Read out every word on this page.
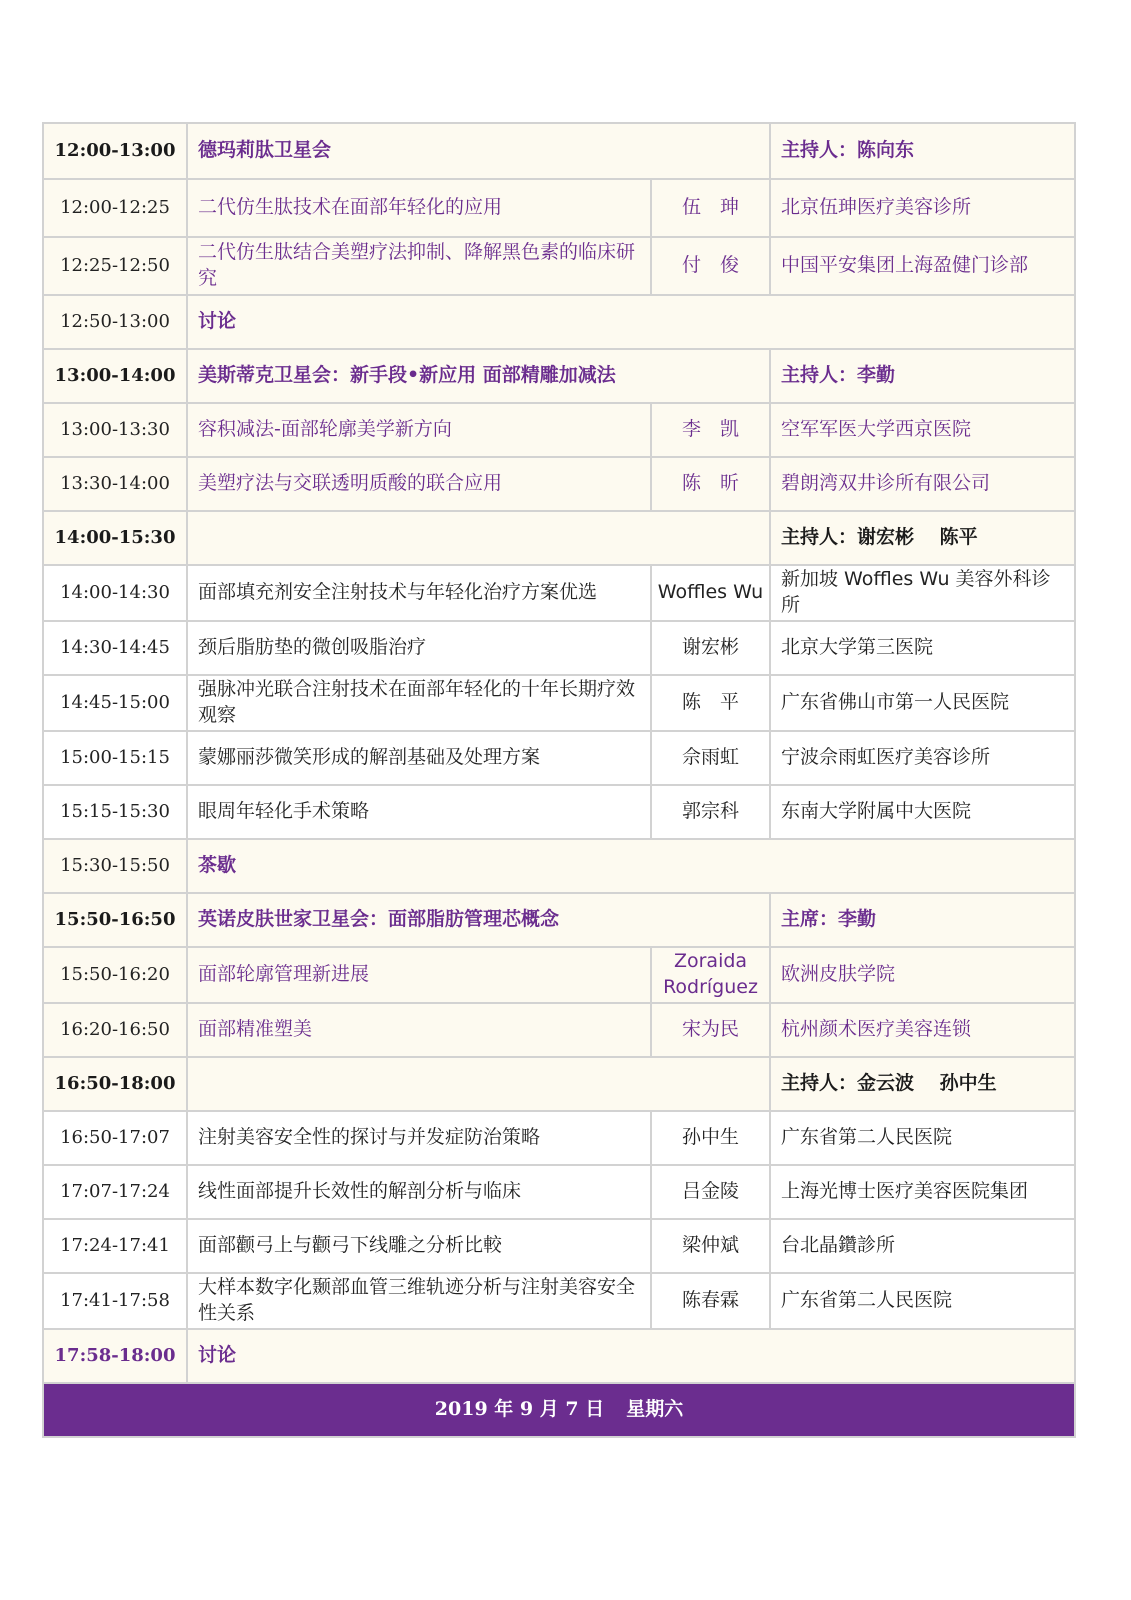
12:00-13:00	德玛莉肽卫星会		主持人：陈向东
12:00-12:25	二代仿生肽技术在面部年轻化的应用	伍　珅	北京伍珅医疗美容诊所
12:25-12:50	二代仿生肽结合美塑疗法抑制、降解黑色素的临床研究	付　俊	中国平安集团上海盈健门诊部
12:50-13:00	讨论		
13:00-14:00	美斯蒂克卫星会：新手段•新应用 面部精雕加减法		主持人：李勤
13:00-13:30	容积减法-面部轮廓美学新方向	李　凯	空军军医大学西京医院
13:30-14:00	美塑疗法与交联透明质酸的联合应用	陈　昕	碧朗湾双井诊所有限公司
14:00-15:30			主持人：谢宏彬　 陈平
14:00-14:30	面部填充剂安全注射技术与年轻化治疗方案优选	Woffles Wu	新加坡 Woffles Wu 美容外科诊所
14:30-14:45	颈后脂肪垫的微创吸脂治疗	谢宏彬	北京大学第三医院
14:45-15:00	强脉冲光联合注射技术在面部年轻化的十年长期疗效观察	陈　平	广东省佛山市第一人民医院
15:00-15:15	蒙娜丽莎微笑形成的解剖基础及处理方案	佘雨虹	宁波佘雨虹医疗美容诊所
15:15-15:30	眼周年轻化手术策略	郭宗科	东南大学附属中大医院
15:30-15:50	茶歇		
15:50-16:50	英诺皮肤世家卫星会：面部脂肪管理芯概念		主席：李勤
15:50-16:20	面部轮廓管理新进展	Zoraida Rodríguez	欧洲皮肤学院
16:20-16:50	面部精准塑美	宋为民	杭州颜术医疗美容连锁
16:50-18:00			主持人：金云波　 孙中生
16:50-17:07	注射美容安全性的探讨与并发症防治策略	孙中生	广东省第二人民医院
17:07-17:24	线性面部提升长效性的解剖分析与临床	吕金陵	上海光博士医疗美容医院集团
17:24-17:41	面部颧弓上与颧弓下线雕之分析比較	梁仲斌	台北晶鑽診所
17:41-17:58	大样本数字化颞部血管三维轨迹分析与注射美容安全性关系	陈春霖	广东省第二人民医院
17:58-18:00	讨论		
2019 年 9 月 7 日 星期六			
